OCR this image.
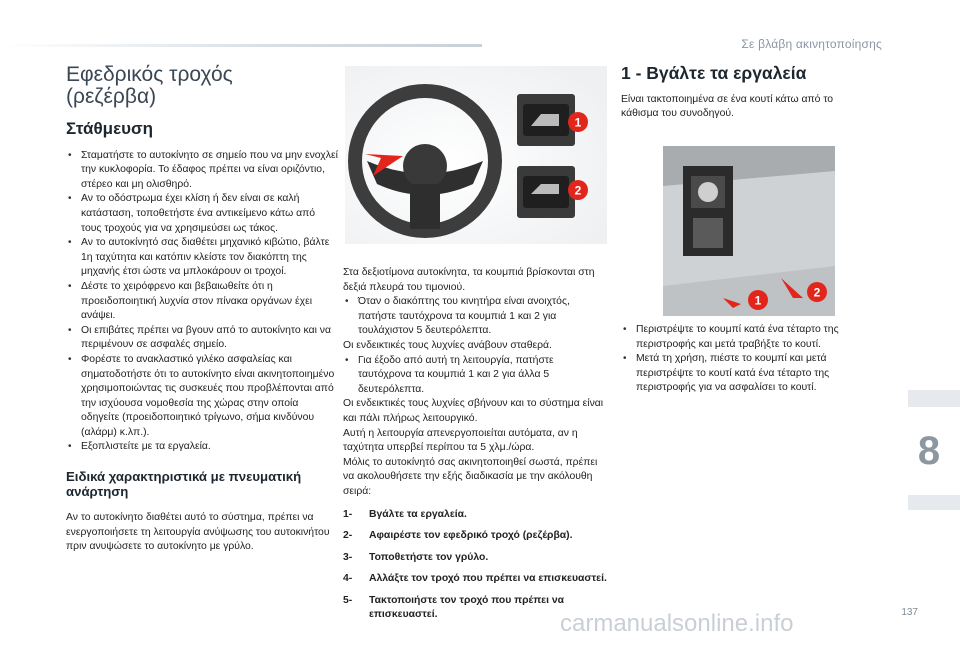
Σε βλάβη ακινητοποίησης
Εφεδρικός τροχός
(ρεζέρβα)
Στάθμευση
• Σταματήστε το αυτοκίνητο σε σημείο που να μην ενοχλεί την κυκλοφορία. Το έδαφος πρέπει να είναι οριζόντιο, στέρεο και μη ολισθηρό.
• Αν το οδόστρωμα έχει κλίση ή δεν είναι σε καλή κατάσταση, τοποθετήστε ένα αντικείμενο κάτω από τους τροχούς για να χρησιμεύσει ως τάκος.
• Αν το αυτοκίνητό σας διαθέτει μηχανικό κιβώτιο, βάλτε 1η ταχύτητα και κατόπιν κλείστε τον διακόπτη της μηχανής έτσι ώστε να μπλοκάρουν οι τροχοί.
• Δέστε το χειρόφρενο και βεβαιωθείτε ότι η προειδοποιητική λυχνία στον πίνακα οργάνων έχει ανάψει.
• Οι επιβάτες πρέπει να βγουν από το αυτοκίνητο και να περιμένουν σε ασφαλές σημείο.
• Φορέστε το ανακλαστικό γιλέκο ασφαλείας και σηματοδοτήστε ότι το αυτοκίνητο είναι ακινητοποιημένο χρησιμοποιώντας τις συσκευές που προβλέπονται από την ισχύουσα νομοθεσία της χώρας στην οποία οδηγείτε (προειδοποιητικό τρίγωνο, σήμα κινδύνου (αλάρμ) κ.λπ.).
• Εξοπλιστείτε με τα εργαλεία.
Ειδικά χαρακτηριστικά με πνευματική ανάρτηση

Αν το αυτοκίνητο διαθέτει αυτό το σύστημα, πρέπει να ενεργοποιήσετε τη λειτουργία ανύψωσης του αυτοκινήτου πριν ανυψώσετε το αυτοκίνητο με γρύλο.

1
2

Στα δεξιοτίμονα αυτοκίνητα, τα κουμπιά βρίσκονται στη δεξιά πλευρά του τιμονιού.

• Όταν ο διακόπτης του κινητήρα είναι ανοιχτός, πατήστε ταυτόχρονα τα κουμπιά 1 και 2 για τουλάχιστον 5 δευτερόλεπτα.

Οι ενδεικτικές τους λυχνίες ανάβουν σταθερά.

• Για έξοδο από αυτή τη λειτουργία, πατήστε ταυτόχρονα τα κουμπιά 1 και 2 για άλλα 5 δευτερόλεπτα.

Οι ενδεικτικές τους λυχνίες σβήνουν και το σύστημα είναι και πάλι πλήρως λειτουργικό.

Αυτή η λειτουργία απενεργοποιείται αυτόματα, αν η ταχύτητα υπερβεί περίπου τα 5 χλμ./ώρα.

Μόλις το αυτοκίνητό σας ακινητοποιηθεί σωστά, πρέπει να ακολουθήσετε την εξής διαδικασία με την ακόλουθη σειρά:

1-	Βγάλτε τα εργαλεία.
2-	Αφαιρέστε τον εφεδρικό τροχό (ρεζέρβα).
3-	Τοποθετήστε τον γρύλο.
4-	Αλλάξτε τον τροχό που πρέπει να επισκευαστεί.
5-	Τακτοποιήστε τον τροχό που πρέπει να επισκευαστεί.
1 - Βγάλτε τα εργαλεία

Είναι τακτοποιημένα σε ένα κουτί κάτω από το κάθισμα του συνοδηγού.

1
2
• Περιστρέψτε το κουμπί κατά ένα τέταρτο της περιστροφής και μετά τραβήξτε το κουτί.
• Μετά τη χρήση, πιέστε το κουμπί και μετά περιστρέψτε το κουτί κατά ένα τέταρτο της περιστροφής για να ασφαλίσει το κουτί.
8
137
carmanualsonline.info
